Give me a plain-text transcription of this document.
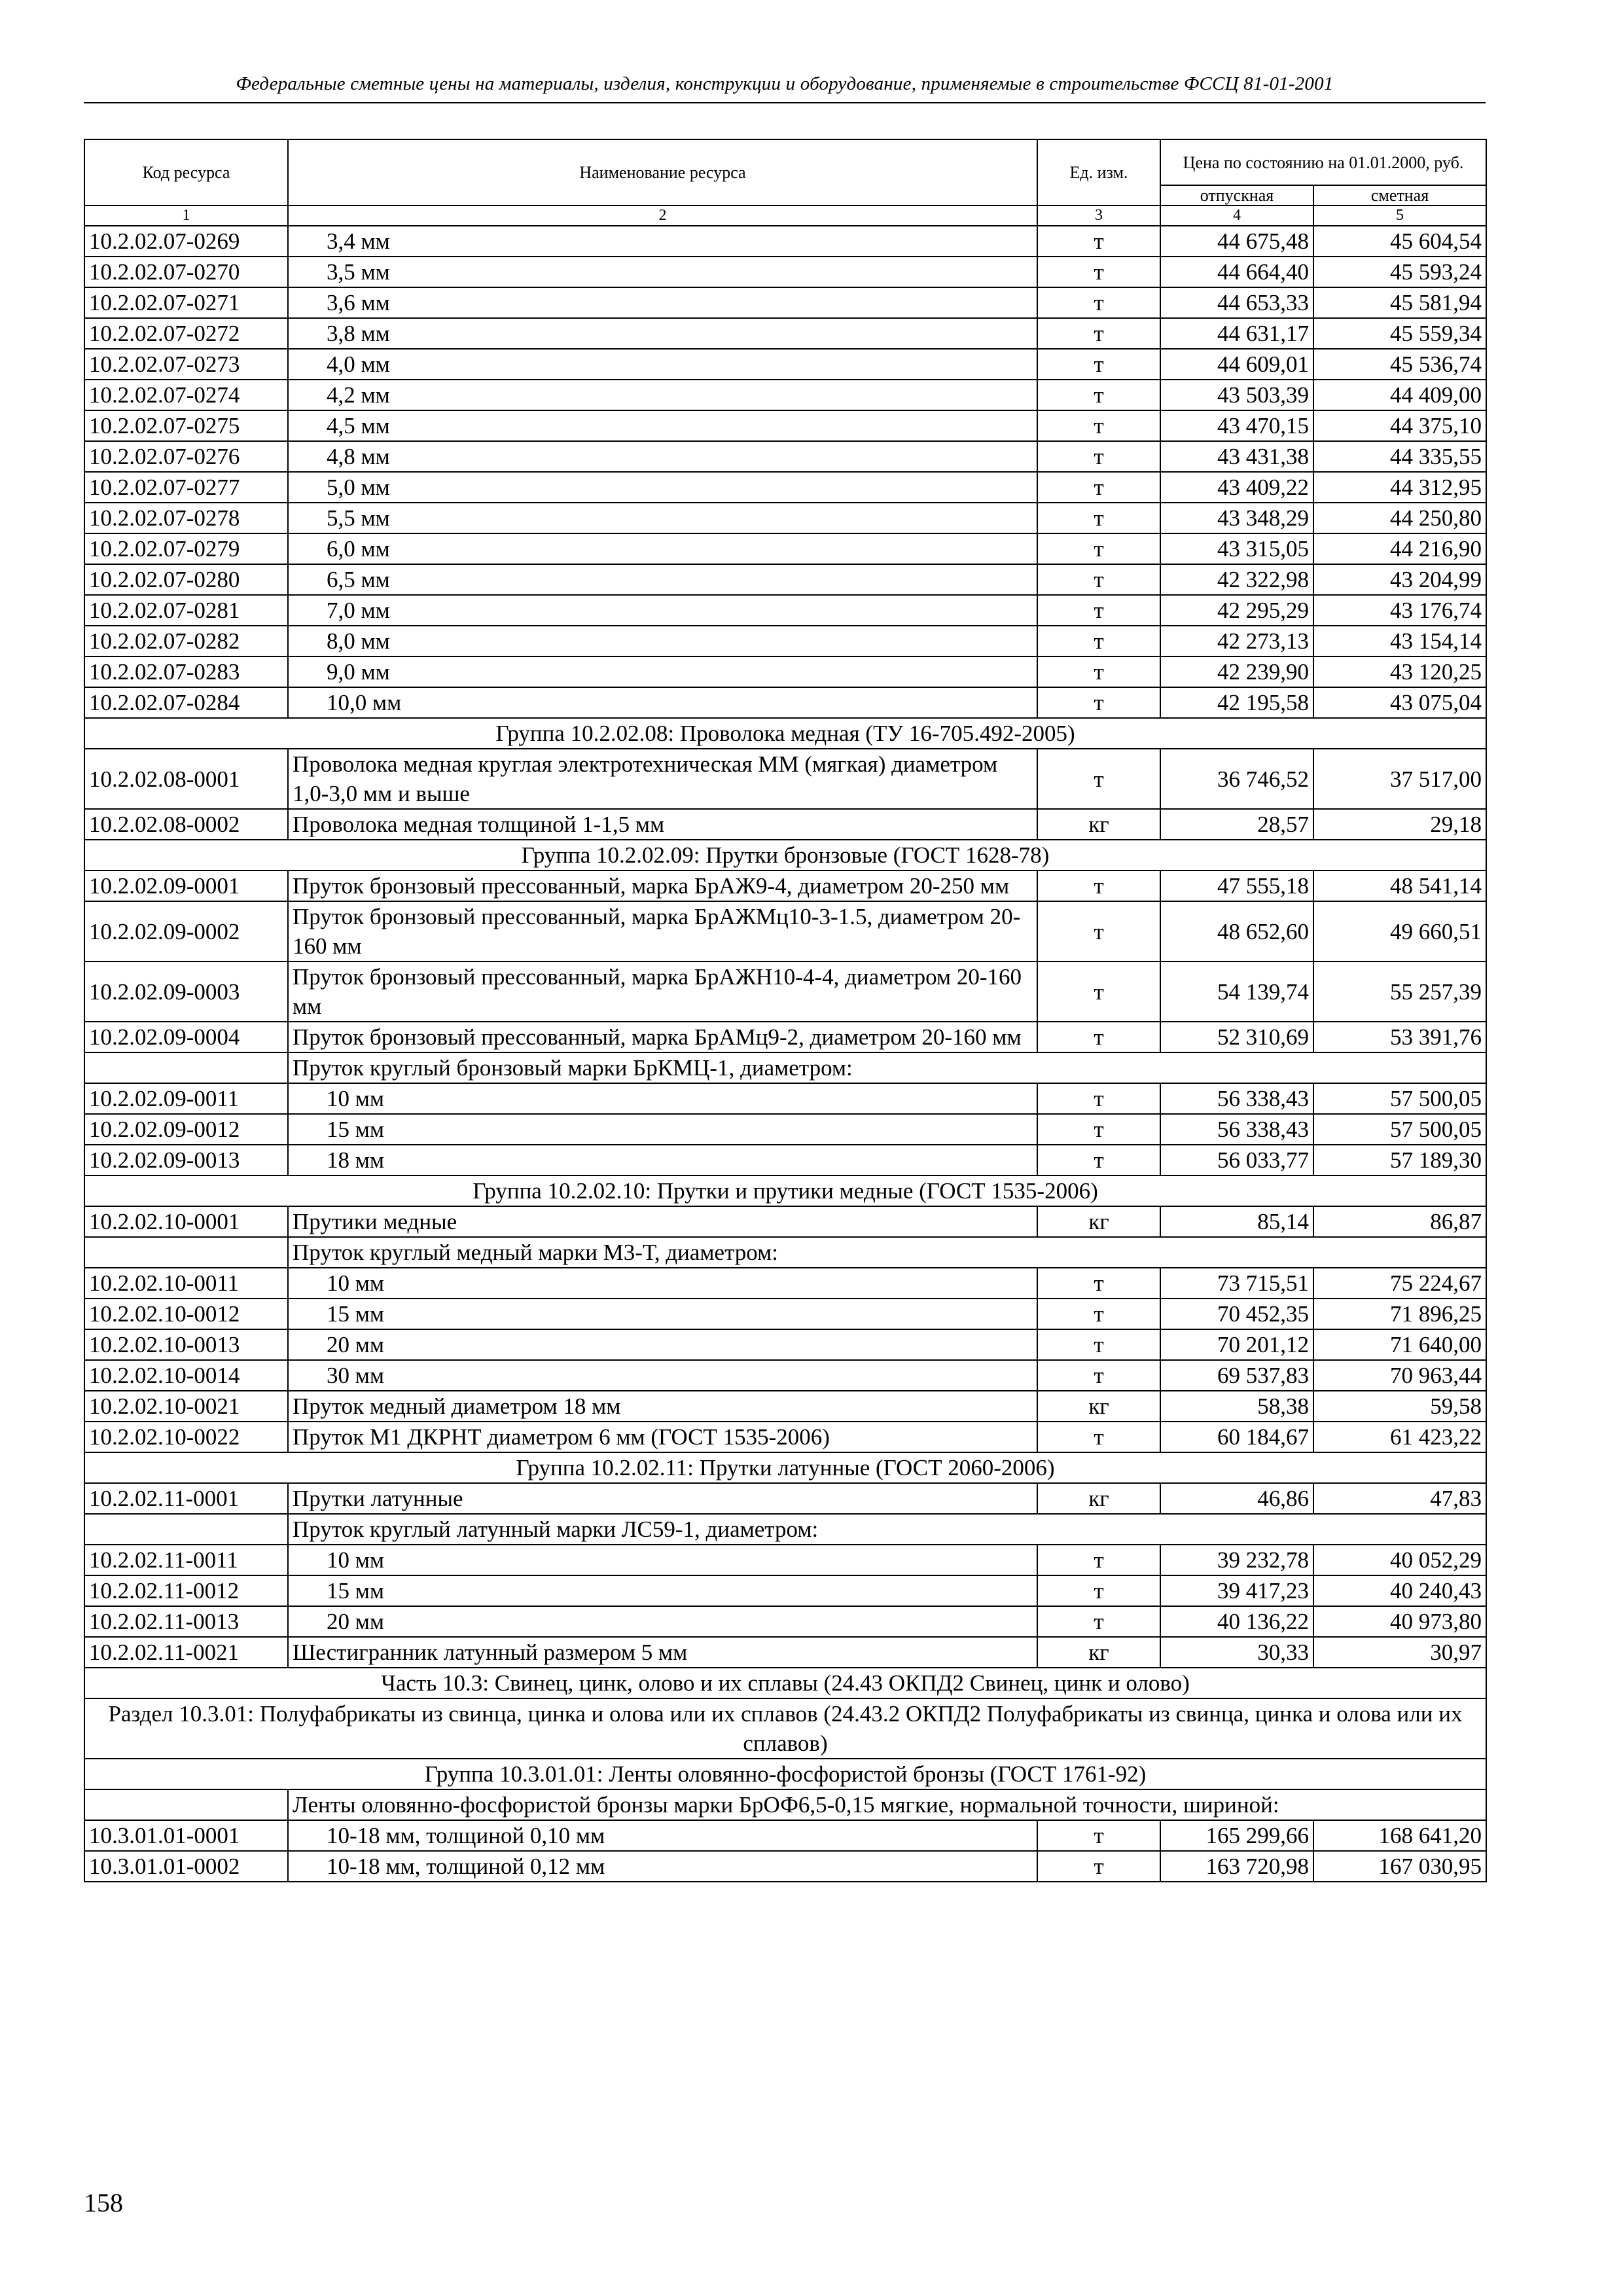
Федеральные сметные цены на материалы, изделия, конструкции и оборудование, применяемые в строительстве ФССЦ 81-01-2001
Код ресурса	Наименование ресурса	Ед. изм.	Цена по состоянию на 01.01.2000, руб.	
			отпускная	сметная
1	2	3	4	5
10.2.02.07-0269	3,4 мм	т	44 675,48	45 604,54
10.2.02.07-0270	3,5 мм	т	44 664,40	45 593,24
10.2.02.07-0271	3,6 мм	т	44 653,33	45 581,94
10.2.02.07-0272	3,8 мм	т	44 631,17	45 559,34
10.2.02.07-0273	4,0 мм	т	44 609,01	45 536,74
10.2.02.07-0274	4,2 мм	т	43 503,39	44 409,00
10.2.02.07-0275	4,5 мм	т	43 470,15	44 375,10
10.2.02.07-0276	4,8 мм	т	43 431,38	44 335,55
10.2.02.07-0277	5,0 мм	т	43 409,22	44 312,95
10.2.02.07-0278	5,5 мм	т	43 348,29	44 250,80
10.2.02.07-0279	6,0 мм	т	43 315,05	44 216,90
10.2.02.07-0280	6,5 мм	т	42 322,98	43 204,99
10.2.02.07-0281	7,0 мм	т	42 295,29	43 176,74
10.2.02.07-0282	8,0 мм	т	42 273,13	43 154,14
10.2.02.07-0283	9,0 мм	т	42 239,90	43 120,25
10.2.02.07-0284	10,0 мм	т	42 195,58	43 075,04
Группа 10.2.02.08: Проволока медная (ТУ 16-705.492-2005)				
10.2.02.08-0001	Проволока медная круглая электротехническая ММ (мягкая) диаметром 1,0-3,0 мм и выше	т	36 746,52	37 517,00
10.2.02.08-0002	Проволока медная толщиной 1-1,5 мм	кг	28,57	29,18
Группа 10.2.02.09: Прутки бронзовые (ГОСТ 1628-78)				
10.2.02.09-0001	Пруток бронзовый прессованный, марка БрАЖ9-4, диаметром 20-250 мм	т	47 555,18	48 541,14
10.2.02.09-0002	Пруток бронзовый прессованный, марка БрАЖМц10-3-1.5, диаметром 20- 160 мм	т	48 652,60	49 660,51
10.2.02.09-0003	Пруток бронзовый прессованный, марка БрАЖН10-4-4, диаметром 20-160 мм	т	54 139,74	55 257,39
10.2.02.09-0004	Пруток бронзовый прессованный, марка БрАМц9-2, диаметром 20-160 мм	т	52 310,69	53 391,76
	Пруток круглый бронзовый марки БрКМЦ-1, диаметром:			
10.2.02.09-0011	10 мм	т	56 338,43	57 500,05
10.2.02.09-0012	15 мм	т	56 338,43	57 500,05
10.2.02.09-0013	18 мм	т	56 033,77	57 189,30
Группа 10.2.02.10: Прутки и прутики медные (ГОСТ 1535-2006)				
10.2.02.10-0001	Прутики медные	кг	85,14	86,87
	Пруток круглый медный марки М3-Т, диаметром:			
10.2.02.10-0011	10 мм	т	73 715,51	75 224,67
10.2.02.10-0012	15 мм	т	70 452,35	71 896,25
10.2.02.10-0013	20 мм	т	70 201,12	71 640,00
10.2.02.10-0014	30 мм	т	69 537,83	70 963,44
10.2.02.10-0021	Пруток медный диаметром 18 мм	кг	58,38	59,58
10.2.02.10-0022	Пруток М1 ДКРНТ диаметром 6 мм (ГОСТ 1535-2006)	т	60 184,67	61 423,22
Группа 10.2.02.11: Прутки латунные (ГОСТ 2060-2006)				
10.2.02.11-0001	Прутки латунные	кг	46,86	47,83
	Пруток круглый латунный марки ЛС59-1, диаметром:			
10.2.02.11-0011	10 мм	т	39 232,78	40 052,29
10.2.02.11-0012	15 мм	т	39 417,23	40 240,43
10.2.02.11-0013	20 мм	т	40 136,22	40 973,80
10.2.02.11-0021	Шестигранник латунный размером 5 мм	кг	30,33	30,97
Часть 10.3: Свинец, цинк, олово и их сплавы (24.43 ОКПД2 Свинец, цинк и олово)				
Раздел 10.3.01: Полуфабрикаты из свинца, цинка и олова или их сплавов (24.43.2 ОКПД2 Полуфабрикаты из свинца, цинка и олова или их сплавов)				
Группа 10.3.01.01: Ленты оловянно-фосфористой бронзы (ГОСТ 1761-92)				
	Ленты оловянно-фосфористой бронзы марки БрОФ6,5-0,15 мягкие, нормальной точности, шириной:			
10.3.01.01-0001	10-18 мм, толщиной 0,10 мм	т	165 299,66	168 641,20
10.3.01.01-0002	10-18 мм, толщиной 0,12 мм	т	163 720,98	167 030,95
158
